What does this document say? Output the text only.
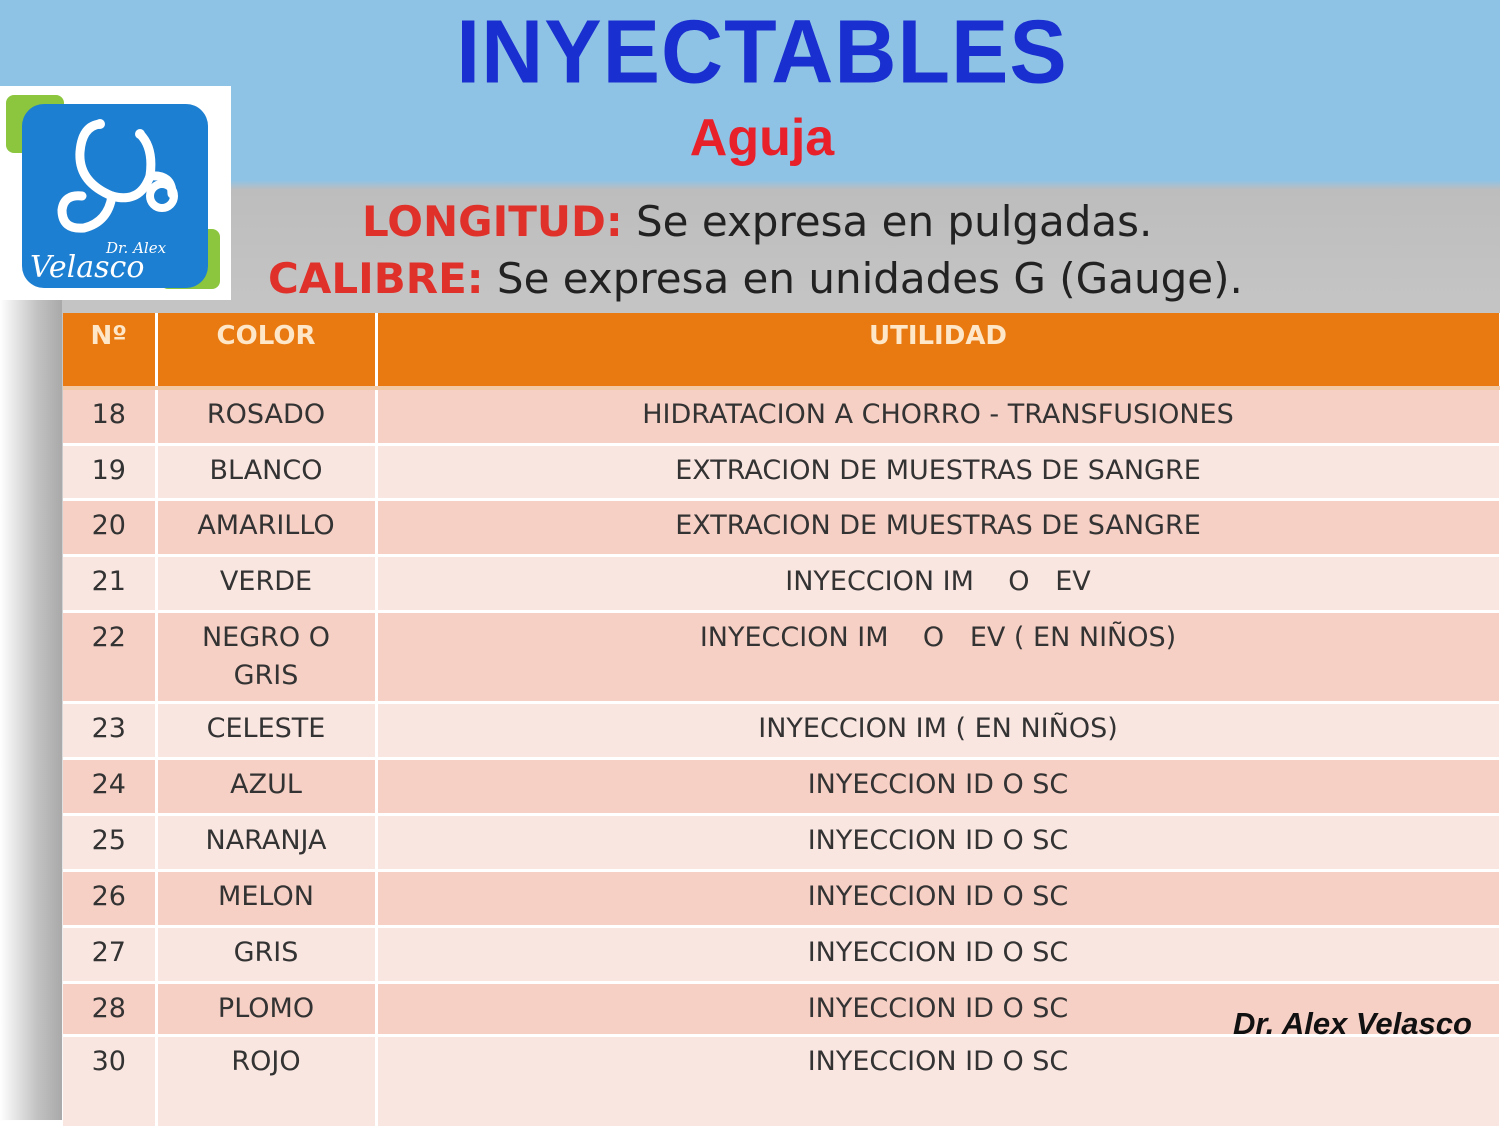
INYECTABLES
Aguja
LONGITUD: Se expresa en pulgadas.
CALIBRE: Se expresa en unidades G (Gauge).
Dr. Alex
Velasco
Nº	COLOR	UTILIDAD
18	ROSADO	HIDRATACION A CHORRO - TRANSFUSIONES
19	BLANCO	EXTRACION DE MUESTRAS DE SANGRE
20	AMARILLO	EXTRACION DE MUESTRAS DE SANGRE
21	VERDE	INYECCION IM    O   EV
22	NEGRO O GRIS	INYECCION IM    O   EV ( EN NIÑOS)
23	CELESTE	INYECCION IM ( EN NIÑOS)
24	AZUL	INYECCION ID O SC
25	NARANJA	INYECCION ID O SC
26	MELON	INYECCION ID O SC
27	GRIS	INYECCION ID O SC
28	PLOMO	INYECCION ID O SC
30	ROJO	INYECCION ID O SC
Dr. Alex Velasco
